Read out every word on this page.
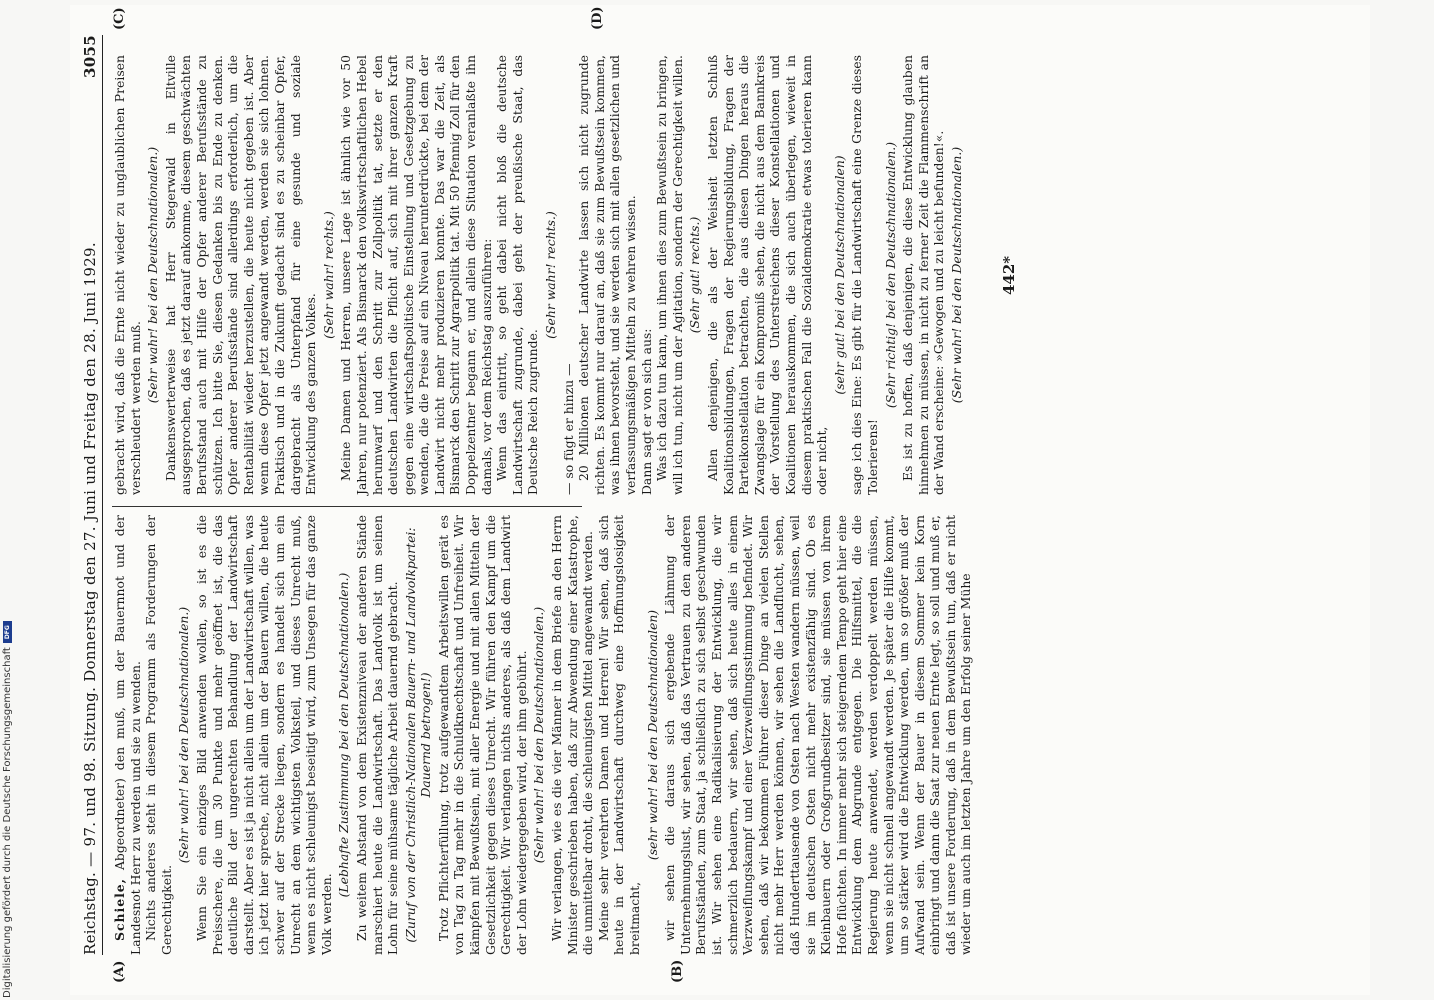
Reichstag. — 97. und 98. Sitzung. Donnerstag den 27. Juni und Freitag den 28. Juni 1929.
3055
(A)	(B)
(C)	(D)

Schiele, Abgeordneter) den muß, um der Bauernnot und der Landesnot Herr zu werden und sie zu wenden. Nichts anderes steht in diesem Programm als Forderungen der Gerechtigkeit.

(Sehr wahr! bei den Deutschnationalen.) Wenn Sie ein einziges Bild anwenden wollen, so ist es die Preisschere, die um 30 Punkte und mehr geöffnet ist, die das deutliche Bild der ungerechten Behandlung der Landwirtschaft darstellt. Aber es ist ja nicht allein um der Landwirtschaft willen, was ich jetzt hier spreche, nicht allein um der Bauern willen, die heute schwer auf der Strecke liegen, sondern es handelt sich um ein Unrecht an dem wichtigsten Volksteil, und dieses Unrecht muß, wenn es nicht schleunigst beseitigt wird, zum Unsegen für das ganze Volk werden.

(Lebhafte Zustimmung bei den Deutschnationalen.) Zu weitem Abstand von dem Existenzniveau der anderen Stände marschiert heute die Landwirtschaft. Das Landvolk ist um seinen Lohn für seine mühsame tägliche Arbeit dauernd gebracht. (Zuruf von der Christlich-Nationalen Bauern- und Landvolkpartei: Dauernd betrogen!) Trotz Pflichterfüllung, trotz aufgewandtem Arbeitswillen gerät es von Tag zu Tag mehr in die Schuldknechtschaft und Unfreiheit. Wir kämpfen mit Bewußtsein, mit aller Energie und mit allen Mitteln der Gesetzlichkeit gegen dieses Unrecht. Wir führen den Kampf um die Gerechtigkeit. Wir verlangen nichts anderes, als daß dem Landwirt der Lohn wiedergegeben wird, der ihm gebührt. (Sehr wahr! bei den Deutschnationalen.) Wir verlangen, wie es die vier Männer in dem Briefe an den Herrn Minister geschrieben haben, daß zur Abwendung einer Katastrophe, die unmittelbar droht, die schleunigsten Mittel angewandt werden. Meine sehr verehrten Damen und Herren! Wir sehen, daß sich heute in der Landwirtschaft durchweg eine Hoffnungslosigkeit breitmacht,

(sehr wahr! bei den Deutschnationalen) wir sehen die daraus sich ergebende Lähmung der Unternehmungslust, wir sehen, daß das Vertrauen zu den anderen Berufsständen, zum Staat, ja schließlich zu sich selbst geschwunden ist. Wir sehen eine Radikalisierung der Entwicklung, die wir schmerzlich bedauern, wir sehen, daß sich heute alles in einem Verzweiflungskampf und einer Verzweiflungsstimmung befindet. Wir sehen, daß wir bekommen Führer dieser Dinge an vielen Stellen nicht mehr Herr werden können, wir sehen die Landflucht, sehen, daß Hunderttausende von Osten nach Westen wandern müssen, weil sie im deutschen Osten nicht mehr existenzfähig sind. Ob es Kleinbauern oder Großgrundbesitzer sind, sie müssen von ihrem Hofe flüchten. In immer mehr sich steigerndem Tempo geht hier eine Entwicklung dem Abgrunde entgegen. Die Hilfsmittel, die die Regierung heute anwendet, werden verdoppelt werden müssen, wenn sie nicht schnell angewandt werden. Je später die Hilfe kommt, um so stärker wird die Entwicklung werden, um so größer muß der Aufwand sein. Wenn der Bauer in diesem Sommer kein Korn einbringt und dann die Saat zur neuen Ernte legt, so soll und muß er, daß ist unsere Forderung, daß in dem Bewußtsein tun, daß er nicht wieder um auch im letzten Jahre um den Erfolg seiner Mühe

gebracht wird, daß die Ernte nicht wieder zu unglaublichen Preisen verschleudert werden muß.

(Sehr wahr! bei den Deutschnationalen.) Dankenswerterweise hat Herr Stegerwald in Eltville ausgesprochen, daß es jetzt darauf ankomme, diesem geschwächten Berufsstand auch mit Hilfe der Opfer anderer Berufsstände zu schützen. Ich bitte Sie, diesen Gedanken bis zu Ende zu denken. Opfer anderer Berufsstände sind allerdings erforderlich, um die Rentabilität wieder herzustellen, die heute nicht gegeben ist. Aber wenn diese Opfer jetzt angewandt werden, werden sie sich lohnen. Praktisch und in die Zukunft gedacht sind es zu scheinbar Opfer, dargebracht als Unterpfand für eine gesunde und soziale Entwicklung des ganzen Volkes.

(Sehr wahr! rechts.) Meine Damen und Herren, unsere Lage ist ähnlich wie vor 50 Jahren, nur potenziert. Als Bismarck den volkswirtschaftlichen Hebel herumwarf und den Schritt zur Zollpolitik tat, setzte er den deutschen Landwirten die Pflicht auf, sich mit ihrer ganzen Kraft gegen eine wirtschaftspolitische Einstellung und Gesetzgebung zu wenden, die die Preise auf ein Niveau herunterdrückte, bei dem der Landwirt nicht mehr produzieren konnte. Das war die Zeit, als Bismarck den Schritt zur Agrarpolitik tat. Mit 50 Pfennig Zoll für den Doppelzentner begann er, und allein diese Situation veranlaßte ihn damals, vor dem Reichstag auszuführen: Wenn das eintritt, so geht dabei nicht bloß die deutsche Landwirtschaft zugrunde, dabei geht der preußische Staat, das Deutsche Reich zugrunde.

(Sehr wahr! rechts.)

— so fügt er hinzu — 20 Millionen deutscher Landwirte lassen sich nicht zugrunde richten. Es kommt nur darauf an, daß sie zum Bewußtsein kommen, was ihnen bevorsteht, und sie werden sich mit allen gesetzlichen und verfassungsmäßigen Mitteln zu wehren wissen. Dann sagt er von sich aus: Was ich dazu tun kann, um ihnen dies zum Bewußtsein zu bringen, will ich tun, nicht um der Agitation, sondern der Gerechtigkeit willen. (Sehr gut! rechts.) Allen denjenigen, die als der Weisheit letzten Schluß Koalitionsbildungen, Fragen der Regierungsbildung, Fragen der Parteikonstellation betrachten, die aus diesen Dingen heraus die Zwangslage für ein Kompromiß sehen, die nicht aus dem Bannkreis der Vorstellung des Unterstreichens dieser Konstellationen und Koalitionen herauskommen, die sich auch überlegen, wieweit in diesem praktischen Fall die Sozialdemokratie etwas tolerieren kann oder nicht,

(sehr gut! bei den Deutschnationalen) sage ich dies Eine: Es gibt für die Landwirtschaft eine Grenze dieses Tolerierens!

(Sehr richtig! bei den Deutschnationalen.) Es ist zu hoffen, daß denjenigen, die diese Entwicklung glauben hinnehmen zu müssen, in nicht zu ferner Zeit die Flammenschrift an der Wand erscheine: »Gewogen und zu leicht befunden!«. (Sehr wahr! bei den Deutschnationalen.) 442*
Digitalisierung gefördert durch die Deutsche Forschungsgemeinschaft
DFG
